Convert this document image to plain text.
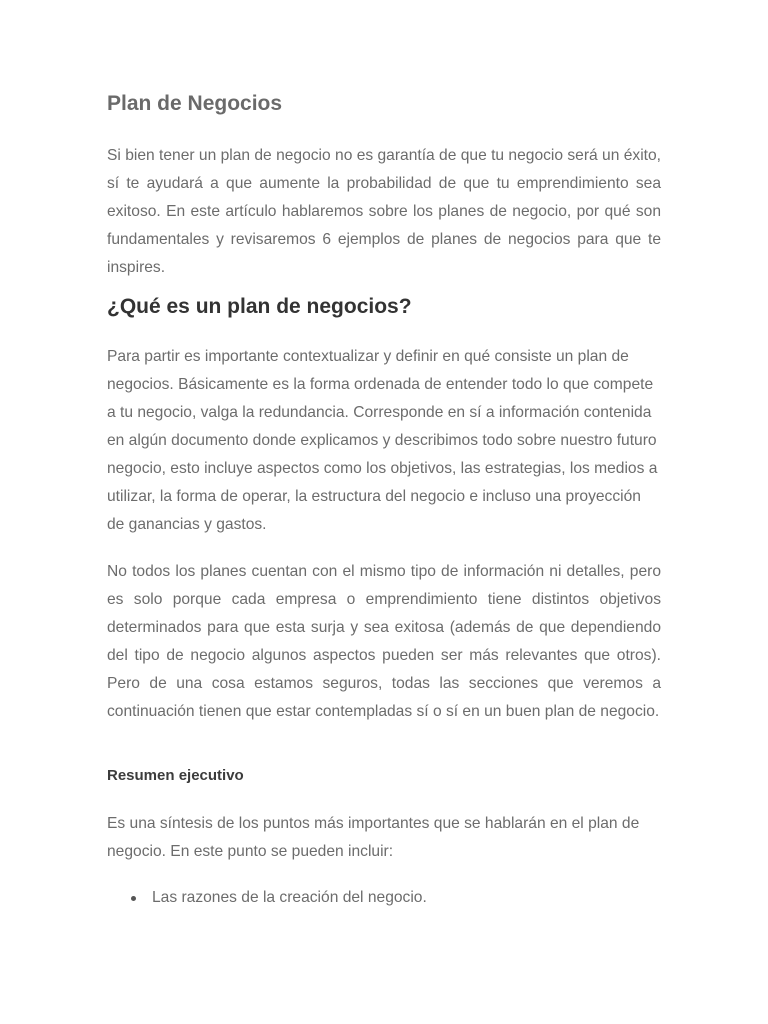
Plan de Negocios

Si bien tener un plan de negocio no es garantía de que tu negocio será un éxito, sí te ayudará a que aumente la probabilidad de que tu emprendimiento sea exitoso. En este artículo hablaremos sobre los planes de negocio, por qué son fundamentales y revisaremos 6 ejemplos de planes de negocios para que te inspires.

¿Qué es un plan de negocios?

Para partir es importante contextualizar y definir en qué consiste un plan de negocios. Básicamente es la forma ordenada de entender todo lo que compete a tu negocio, valga la redundancia. Corresponde en sí a información contenida en algún documento donde explicamos y describimos todo sobre nuestro futuro negocio, esto incluye aspectos como los objetivos, las estrategias, los medios a utilizar, la forma de operar, la estructura del negocio e incluso una proyección de ganancias y gastos.

No todos los planes cuentan con el mismo tipo de información ni detalles, pero es solo porque cada empresa o emprendimiento tiene distintos objetivos determinados para que esta surja y sea exitosa (además de que dependiendo del tipo de negocio algunos aspectos pueden ser más relevantes que otros). Pero de una cosa estamos seguros, todas las secciones que veremos a continuación tienen que estar contempladas sí o sí en un buen plan de negocio.

Resumen ejecutivo

Es una síntesis de los puntos más importantes que se hablarán en el plan de negocio. En este punto se pueden incluir:

Las razones de la creación del negocio.
